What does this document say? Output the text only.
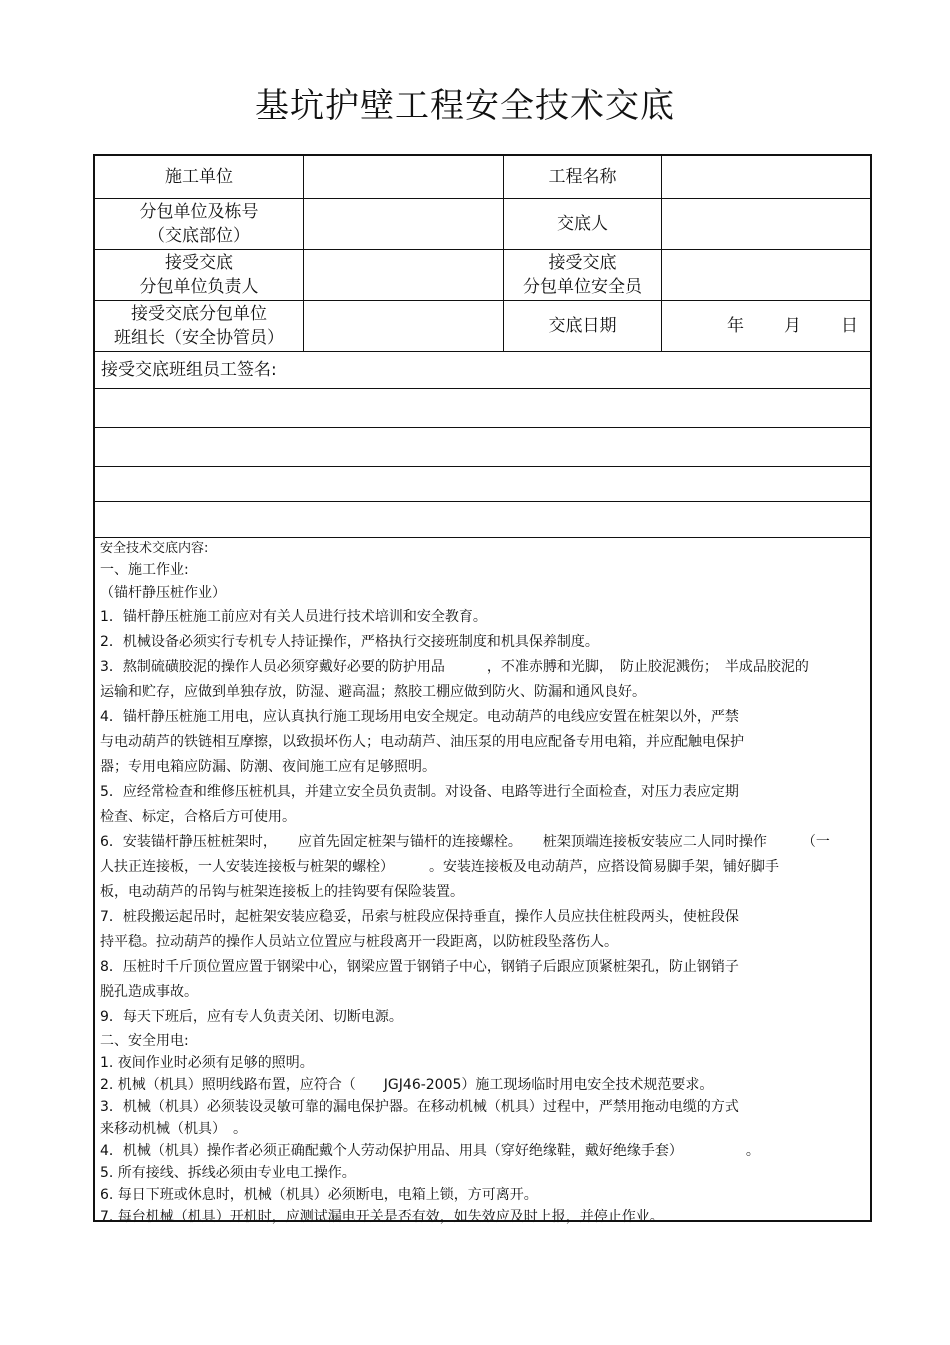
基坑护壁工程安全技术交底
施工单位	工程名称
分包单位及栋号
（交底部位）
交底人
接受交底
分包单位负责人
接受交底
分包单位安全员
接受交底分包单位
班组长（安全协管员）
交底日期	年 月 日
接受交底班组员工签名:
安全技术交底内容:
一、施工作业:
（锚杆静压桩作业）
1．锚杆静压桩施工前应对有关人员进行技术培训和安全教育。
2．机械设备必须实行专机专人持证操作，严格执行交接班制度和机具保养制度。
3．熬制硫磺胶泥的操作人员必须穿戴好必要的防护用品　　　，不准赤膊和光脚，　防止胶泥溅伤；　半成品胶泥的
运输和贮存，应做到单独存放，防湿、避高温；熬胶工棚应做到防火、防漏和通风良好。
4．锚杆静压桩施工用电，应认真执行施工现场用电安全规定。电动葫芦的电线应安置在桩架以外，严禁
与电动葫芦的铁链相互摩擦，以致损坏伤人；电动葫芦、油压泵的用电应配备专用电箱，并应配触电保护
器；专用电箱应防漏、防潮、夜间施工应有足够照明。
5．应经常检查和维修压桩机具，并建立安全员负责制。对设备、电路等进行全面检查，对压力表应定期
检查、标定，合格后方可使用。
6．安装锚杆静压桩桩架时，　　应首先固定桩架与锚杆的连接螺栓。　　桩架顶端连接板安装应二人同时操作　　　（一
人扶正连接板，一人安装连接板与桩架的螺栓）　　　。安装连接板及电动葫芦，应搭设简易脚手架，铺好脚手
板，电动葫芦的吊钩与桩架连接板上的挂钩要有保险装置。
7．桩段搬运起吊时，起桩架安装应稳妥，吊索与桩段应保持垂直，操作人员应扶住桩段两头，使桩段保
持平稳。拉动葫芦的操作人员站立位置应与桩段离开一段距离，以防桩段坠落伤人。
8．压桩时千斤顶位置应置于钢梁中心，钢梁应置于钢销子中心，钢销子后跟应顶紧桩架孔，防止钢销子
脱孔造成事故。
9．每天下班后，应有专人负责关闭、切断电源。
二、安全用电:
1. 夜间作业时必须有足够的照明。
2. 机械（机具）照明线路布置，应符合（　　JGJ46-2005）施工现场临时用电安全技术规范要求。
3．机械（机具）必须装设灵敏可靠的漏电保护器。在移动机械（机具）过程中，严禁用拖动电缆的方式
来移动机械（机具）　。
4．机械（机具）操作者必须正确配戴个人劳动保护用品、用具（穿好绝缘鞋，戴好绝缘手套）　　　　　。
5. 所有接线、拆线必须由专业电工操作。
6. 每日下班或休息时，机械（机具）必须断电，电箱上锁，方可离开。
7. 每台机械（机具）开机时，应测试漏电开关是否有效，如失效应及时上报，并停止作业。
